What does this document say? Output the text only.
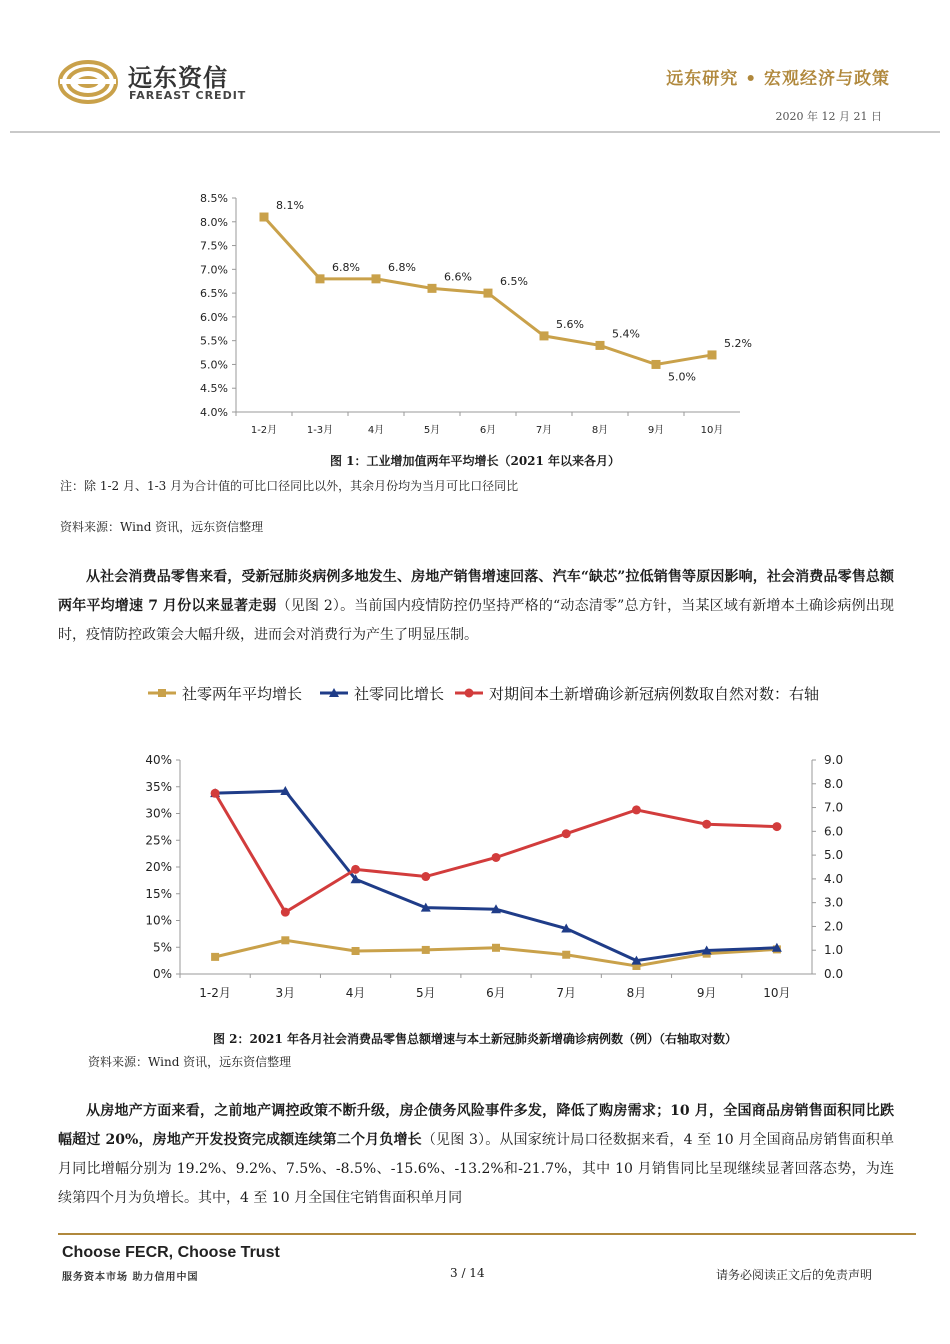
远东资信
FAREAST CREDIT
远东研究 • 宏观经济与政策
2020 年 12 月 21 日
8.5%
8.0%
7.5%
7.0%
6.5%
6.0%
5.5%
5.0%
4.5%
4.0%
1-2月	1-3月	4月	5月	6月	7月	8月	9月	10月
8.1%
6.8%	6.8%
6.6%	6.5%
5.6%
5.4%
5.0%
5.2%
图 1：工业增加值两年平均增长（2021 年以来各月）
注：除 1-2 月、1-3 月为合计值的可比口径同比以外，其余月份均为当月可比口径同比
资料来源：Wind 资讯，远东资信整理
从社会消费品零售来看，受新冠肺炎病例多地发生、房地产销售增速回落、汽车“缺芯”拉低销售等原因影响，社会消费品零售总额两年平均增速 7 月份以来显著走弱（见图 2）。当前国内疫情防控仍坚持严格的“动态清零”总方针，当某区域有新增本土确诊病例出现时，疫情防控政策会大幅升级，进而会对消费行为产生了明显压制。
社零两年平均增长	社零同比增长	对期间本土新增确诊新冠病例数取自然对数：右轴
40%
35%
30%
25%
20%
15%
10%
5%
0%
9.0
8.0
7.0
6.0
5.0
4.0
3.0
2.0
1.0
0.0
1-2月	3月	4月	5月	6月	7月	8月	9月	10月
图 2：2021 年各月社会消费品零售总额增速与本土新冠肺炎新增确诊病例数（例）（右轴取对数）
资料来源：Wind 资讯，远东资信整理
从房地产方面来看，之前地产调控政策不断升级，房企债务风险事件多发，降低了购房需求；10 月，全国商品房销售面积同比跌幅超过 20%，房地产开发投资完成额连续第二个月负增长（见图 3）。从国家统计局口径数据来看，4 至 10 月全国商品房销售面积单月同比增幅分别为 19.2%、9.2%、7.5%、-8.5%、-15.6%、-13.2%和-21.7%，其中 10 月销售同比呈现继续显著回落态势，为连续第四个月为负增长。其中，4 至 10 月全国住宅销售面积单月同
Choose FECR, Choose Trust
服务资本市场 助力信用中国	3 / 14	请务必阅读正文后的免责声明
